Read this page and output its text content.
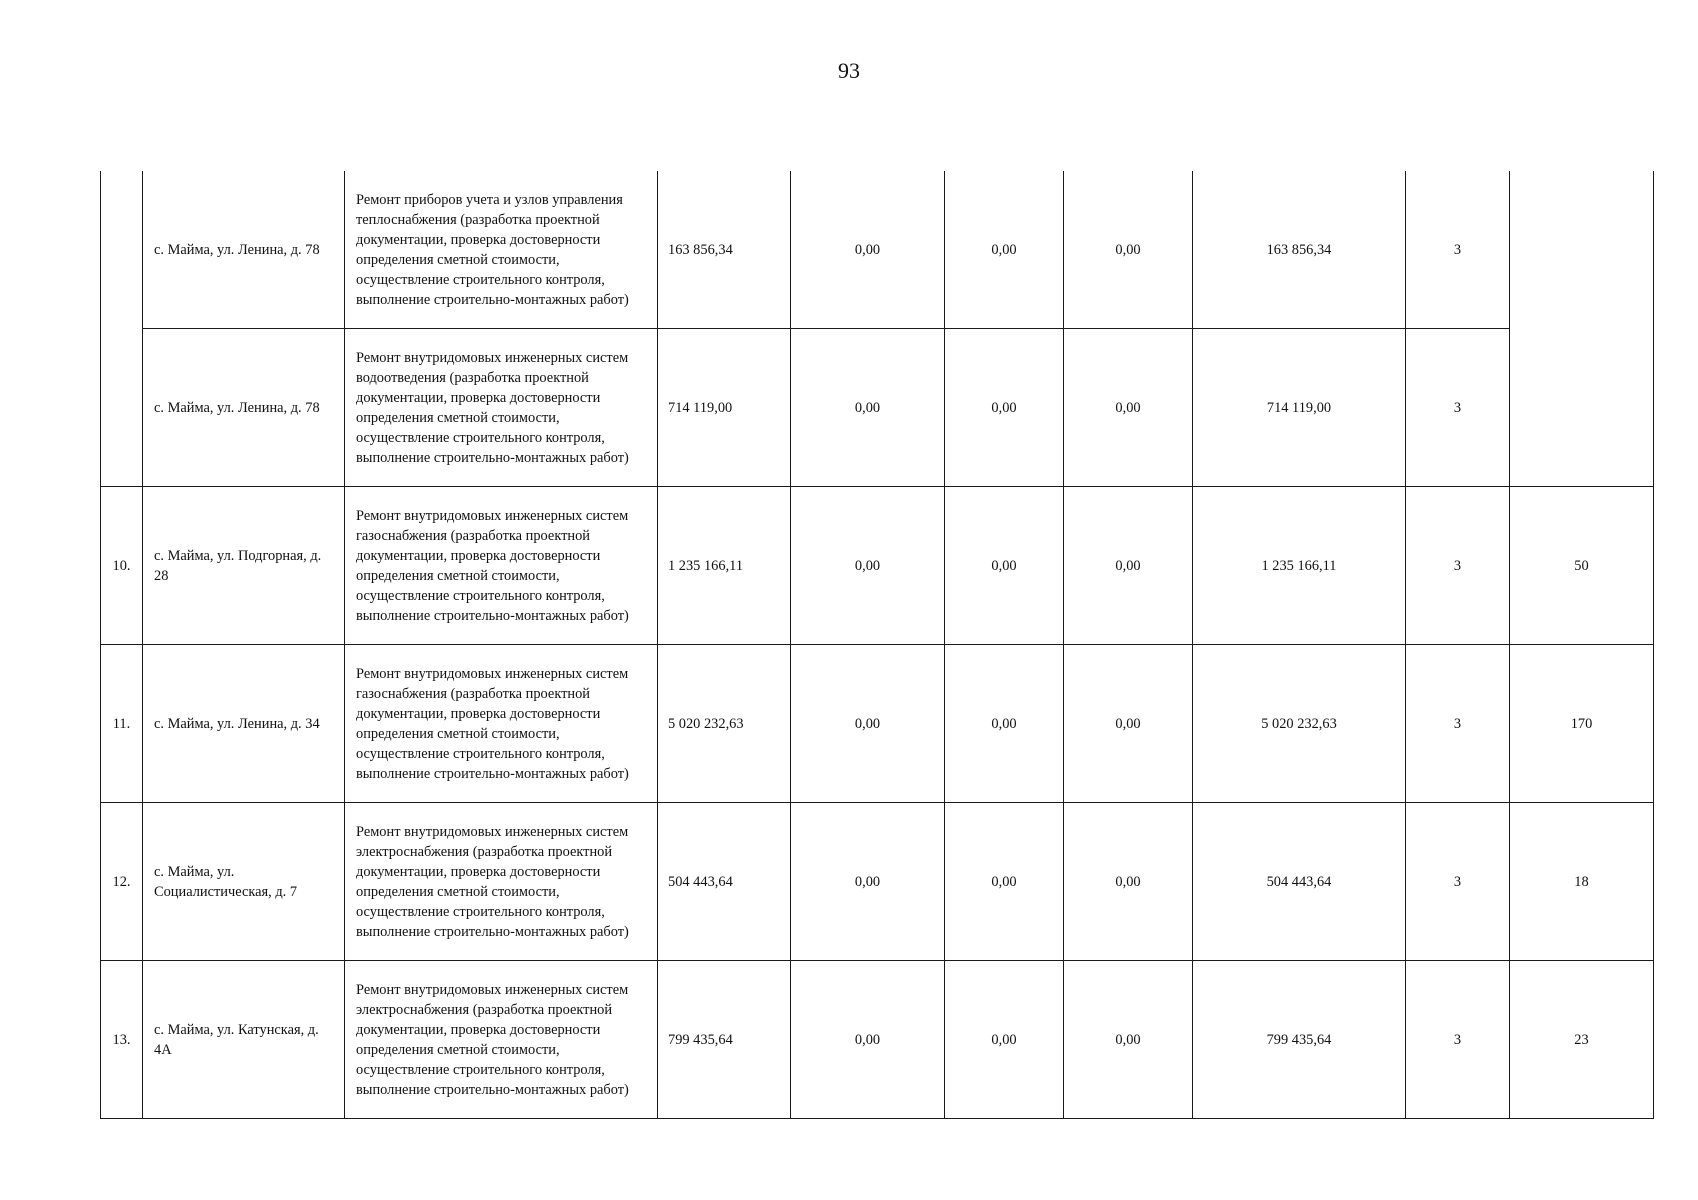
93
	с. Майма, ул. Ленина, д. 78	Ремонт приборов учета и узлов управления теплоснабжения (разработка проектной документации, проверка достоверности определения сметной стоимости, осуществление строительного контроля, выполнение строительно-монтажных работ)	163 856,34	0,00	0,00	0,00	163 856,34	3	
	с. Майма, ул. Ленина, д. 78	Ремонт внутридомовых инженерных систем водоотведения (разработка проектной документации, проверка достоверности определения сметной стоимости, осуществление строительного контроля, выполнение строительно-монтажных работ)	714 119,00	0,00	0,00	0,00	714 119,00	3	
10.	с. Майма, ул. Подгорная, д. 28	Ремонт внутридомовых инженерных систем газоснабжения (разработка проектной документации, проверка достоверности определения сметной стоимости, осуществление строительного контроля, выполнение строительно-монтажных работ)	1 235 166,11	0,00	0,00	0,00	1 235 166,11	3	50
11.	с. Майма, ул. Ленина, д. 34	Ремонт внутридомовых инженерных систем газоснабжения (разработка проектной документации, проверка достоверности определения сметной стоимости, осуществление строительного контроля, выполнение строительно-монтажных работ)	5 020 232,63	0,00	0,00	0,00	5 020 232,63	3	170
12.	с. Майма, ул. Социалистическая, д. 7	Ремонт внутридомовых инженерных систем электроснабжения (разработка проектной документации, проверка достоверности определения сметной стоимости, осуществление строительного контроля, выполнение строительно-монтажных работ)	504 443,64	0,00	0,00	0,00	504 443,64	3	18
13.	с. Майма, ул. Катунская, д. 4А	Ремонт внутридомовых инженерных систем электроснабжения (разработка проектной документации, проверка достоверности определения сметной стоимости, осуществление строительного контроля, выполнение строительно-монтажных работ)	799 435,64	0,00	0,00	0,00	799 435,64	3	23
